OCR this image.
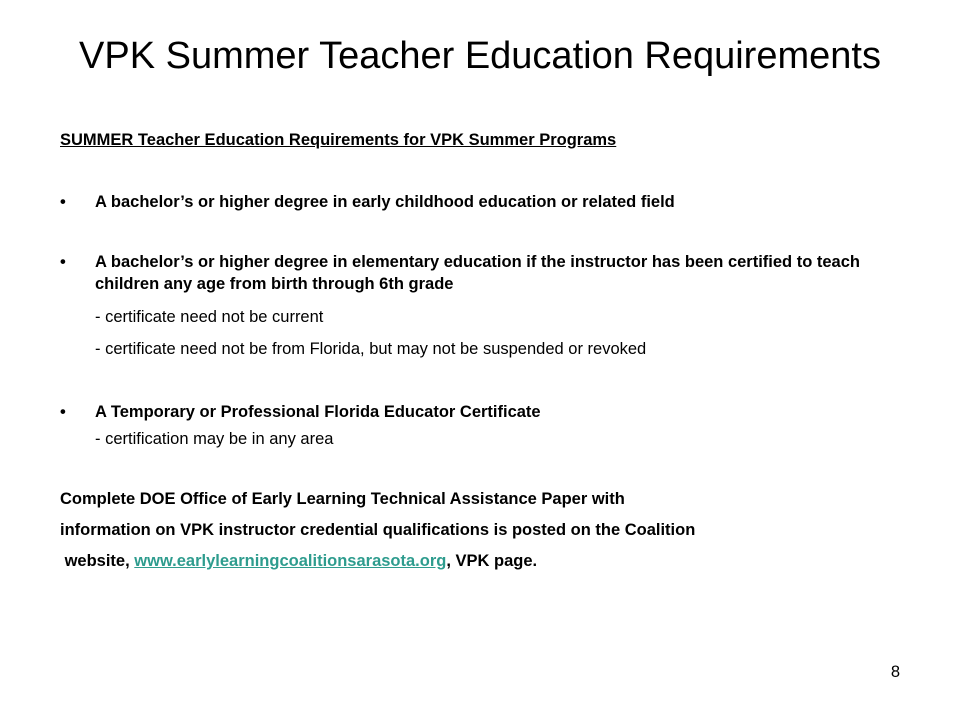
VPK Summer Teacher Education Requirements
SUMMER Teacher Education Requirements for VPK Summer Programs
• A bachelor’s or higher degree in early childhood education or related field
• A bachelor’s or higher degree in elementary education if the instructor has been certified to teach children any age from birth through 6th grade
- certificate need not be current
- certificate need not be from Florida, but may not be suspended or revoked
• A Temporary or Professional Florida Educator Certificate
- certification may be in any area
Complete DOE Office of Early Learning Technical Assistance Paper with
information on VPK instructor credential qualifications is posted on the Coalition
website, www.earlylearningcoalitionsarasota.org, VPK page.
8
